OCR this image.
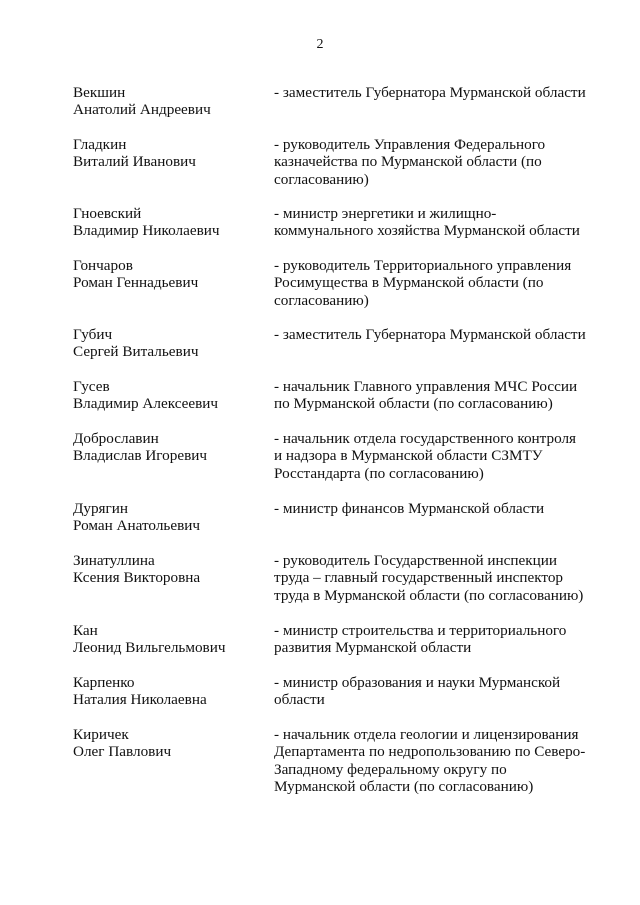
2
Векшин
Анатолий Андреевич
- заместитель Губернатора Мурманской области
Гладкин
Виталий Иванович
- руководитель Управления Федерального
казначейства по Мурманской области (по
согласованию)
Гноевский
Владимир Николаевич
- министр энергетики и жилищно-
коммунального хозяйства Мурманской области
Гончаров
Роман Геннадьевич
- руководитель Территориального управления
Росимущества в Мурманской области (по
согласованию)
Губич
Сергей Витальевич
- заместитель Губернатора Мурманской области
Гусев
Владимир Алексеевич
- начальник Главного управления МЧС России
по Мурманской области (по согласованию)
Доброславин
Владислав Игоревич
- начальник отдела государственного контроля
и надзора в Мурманской области СЗМТУ
Росстандарта (по согласованию)
Дурягин
Роман Анатольевич
- министр финансов Мурманской области
Зинатуллина
Ксения Викторовна
- руководитель Государственной инспекции
труда – главный государственный инспектор
труда в Мурманской области (по согласованию)
Кан
Леонид Вильгельмович
- министр строительства и территориального
развития Мурманской области
Карпенко
Наталия Николаевна
- министр образования и науки Мурманской
области
Киричек
Олег Павлович
- начальник отдела геологии и лицензирования
Департамента по недропользованию по Северо-
Западному федеральному округу по
Мурманской области (по согласованию)
